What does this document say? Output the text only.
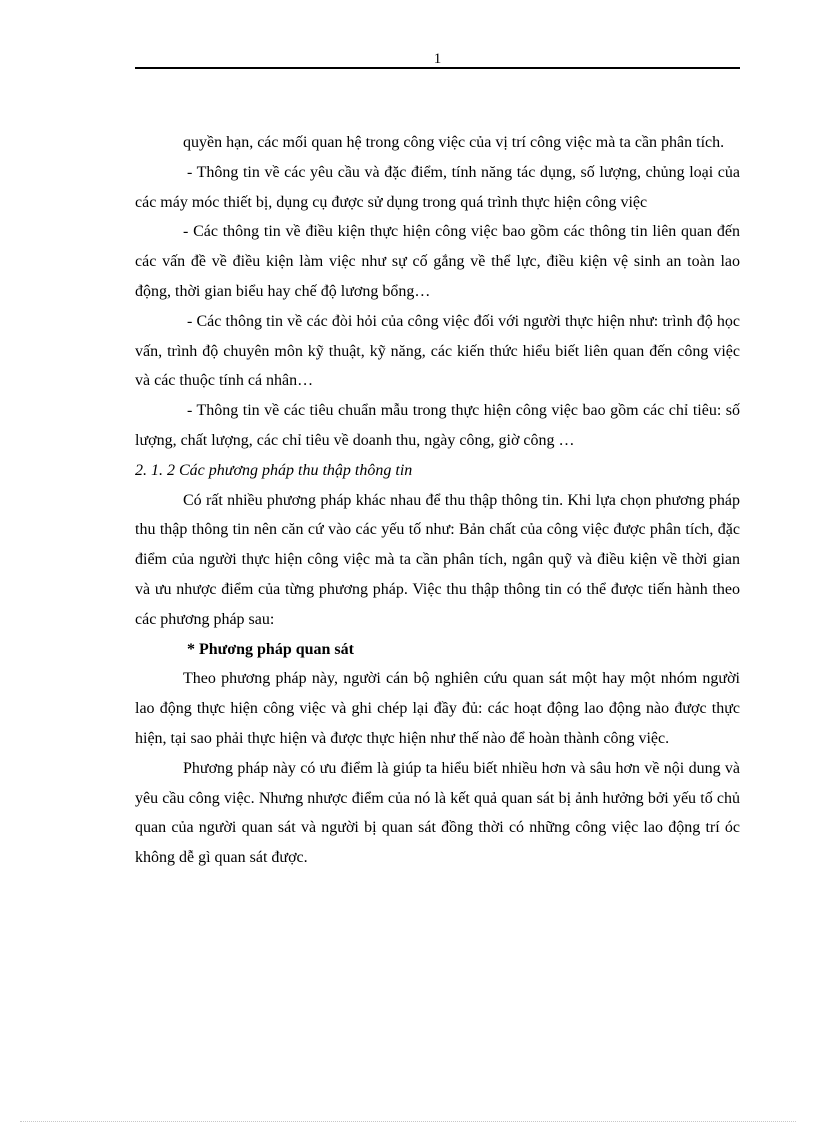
1

quyền hạn, các mối quan hệ trong công việc của vị trí công việc mà ta cần phân tích.

- Thông tin về các yêu cầu và đặc điểm, tính năng tác dụng, số lượng, chủng loại của các máy móc thiết bị, dụng cụ được sử dụng trong quá trình thực hiện công việc

- Các thông tin về điều kiện thực hiện công việc bao gồm các thông tin liên quan đến các vấn đề về điều kiện làm việc như sự cố gắng về thể lực, điều kiện vệ sinh an toàn lao động, thời gian biểu hay chế độ lương bổng…

- Các thông tin về các đòi hỏi của công việc đối với người thực hiện như: trình độ học vấn, trình độ chuyên môn kỹ thuật, kỹ năng, các kiến thức hiểu biết liên quan đến công việc và các thuộc tính cá nhân…

- Thông tin về các tiêu chuẩn mẫu trong thực hiện công việc bao gồm các chỉ tiêu: số lượng, chất lượng, các chỉ tiêu về doanh thu, ngày công, giờ công …

2. 1. 2 Các phương pháp thu thập thông tin

Có rất nhiều phương pháp khác nhau để thu thập thông tin. Khi lựa chọn phương pháp thu thập thông tin nên căn cứ vào các yếu tố như: Bản chất của công việc được phân tích, đặc điểm của người thực hiện công việc mà ta cần phân tích, ngân quỹ và điều kiện về thời gian và ưu nhược điểm của từng phương pháp. Việc thu thập thông tin có thể được tiến hành theo các phương pháp sau:

* Phương pháp quan sát

Theo phương pháp này, người cán bộ nghiên cứu quan sát một hay một nhóm người lao động thực hiện công việc và ghi chép lại đầy đủ: các hoạt động lao động nào được thực hiện, tại sao phải thực hiện và được thực hiện như thế nào để hoàn thành công việc.

Phương pháp này có ưu điểm là giúp ta hiểu biết nhiều hơn và sâu hơn về nội dung và yêu cầu công việc. Nhưng nhược điểm của nó là kết quả quan sát bị ảnh hưởng bởi yếu tố chủ quan của người quan sát và người bị quan sát đồng thời có những công việc lao động trí óc không dễ gì quan sát được.
